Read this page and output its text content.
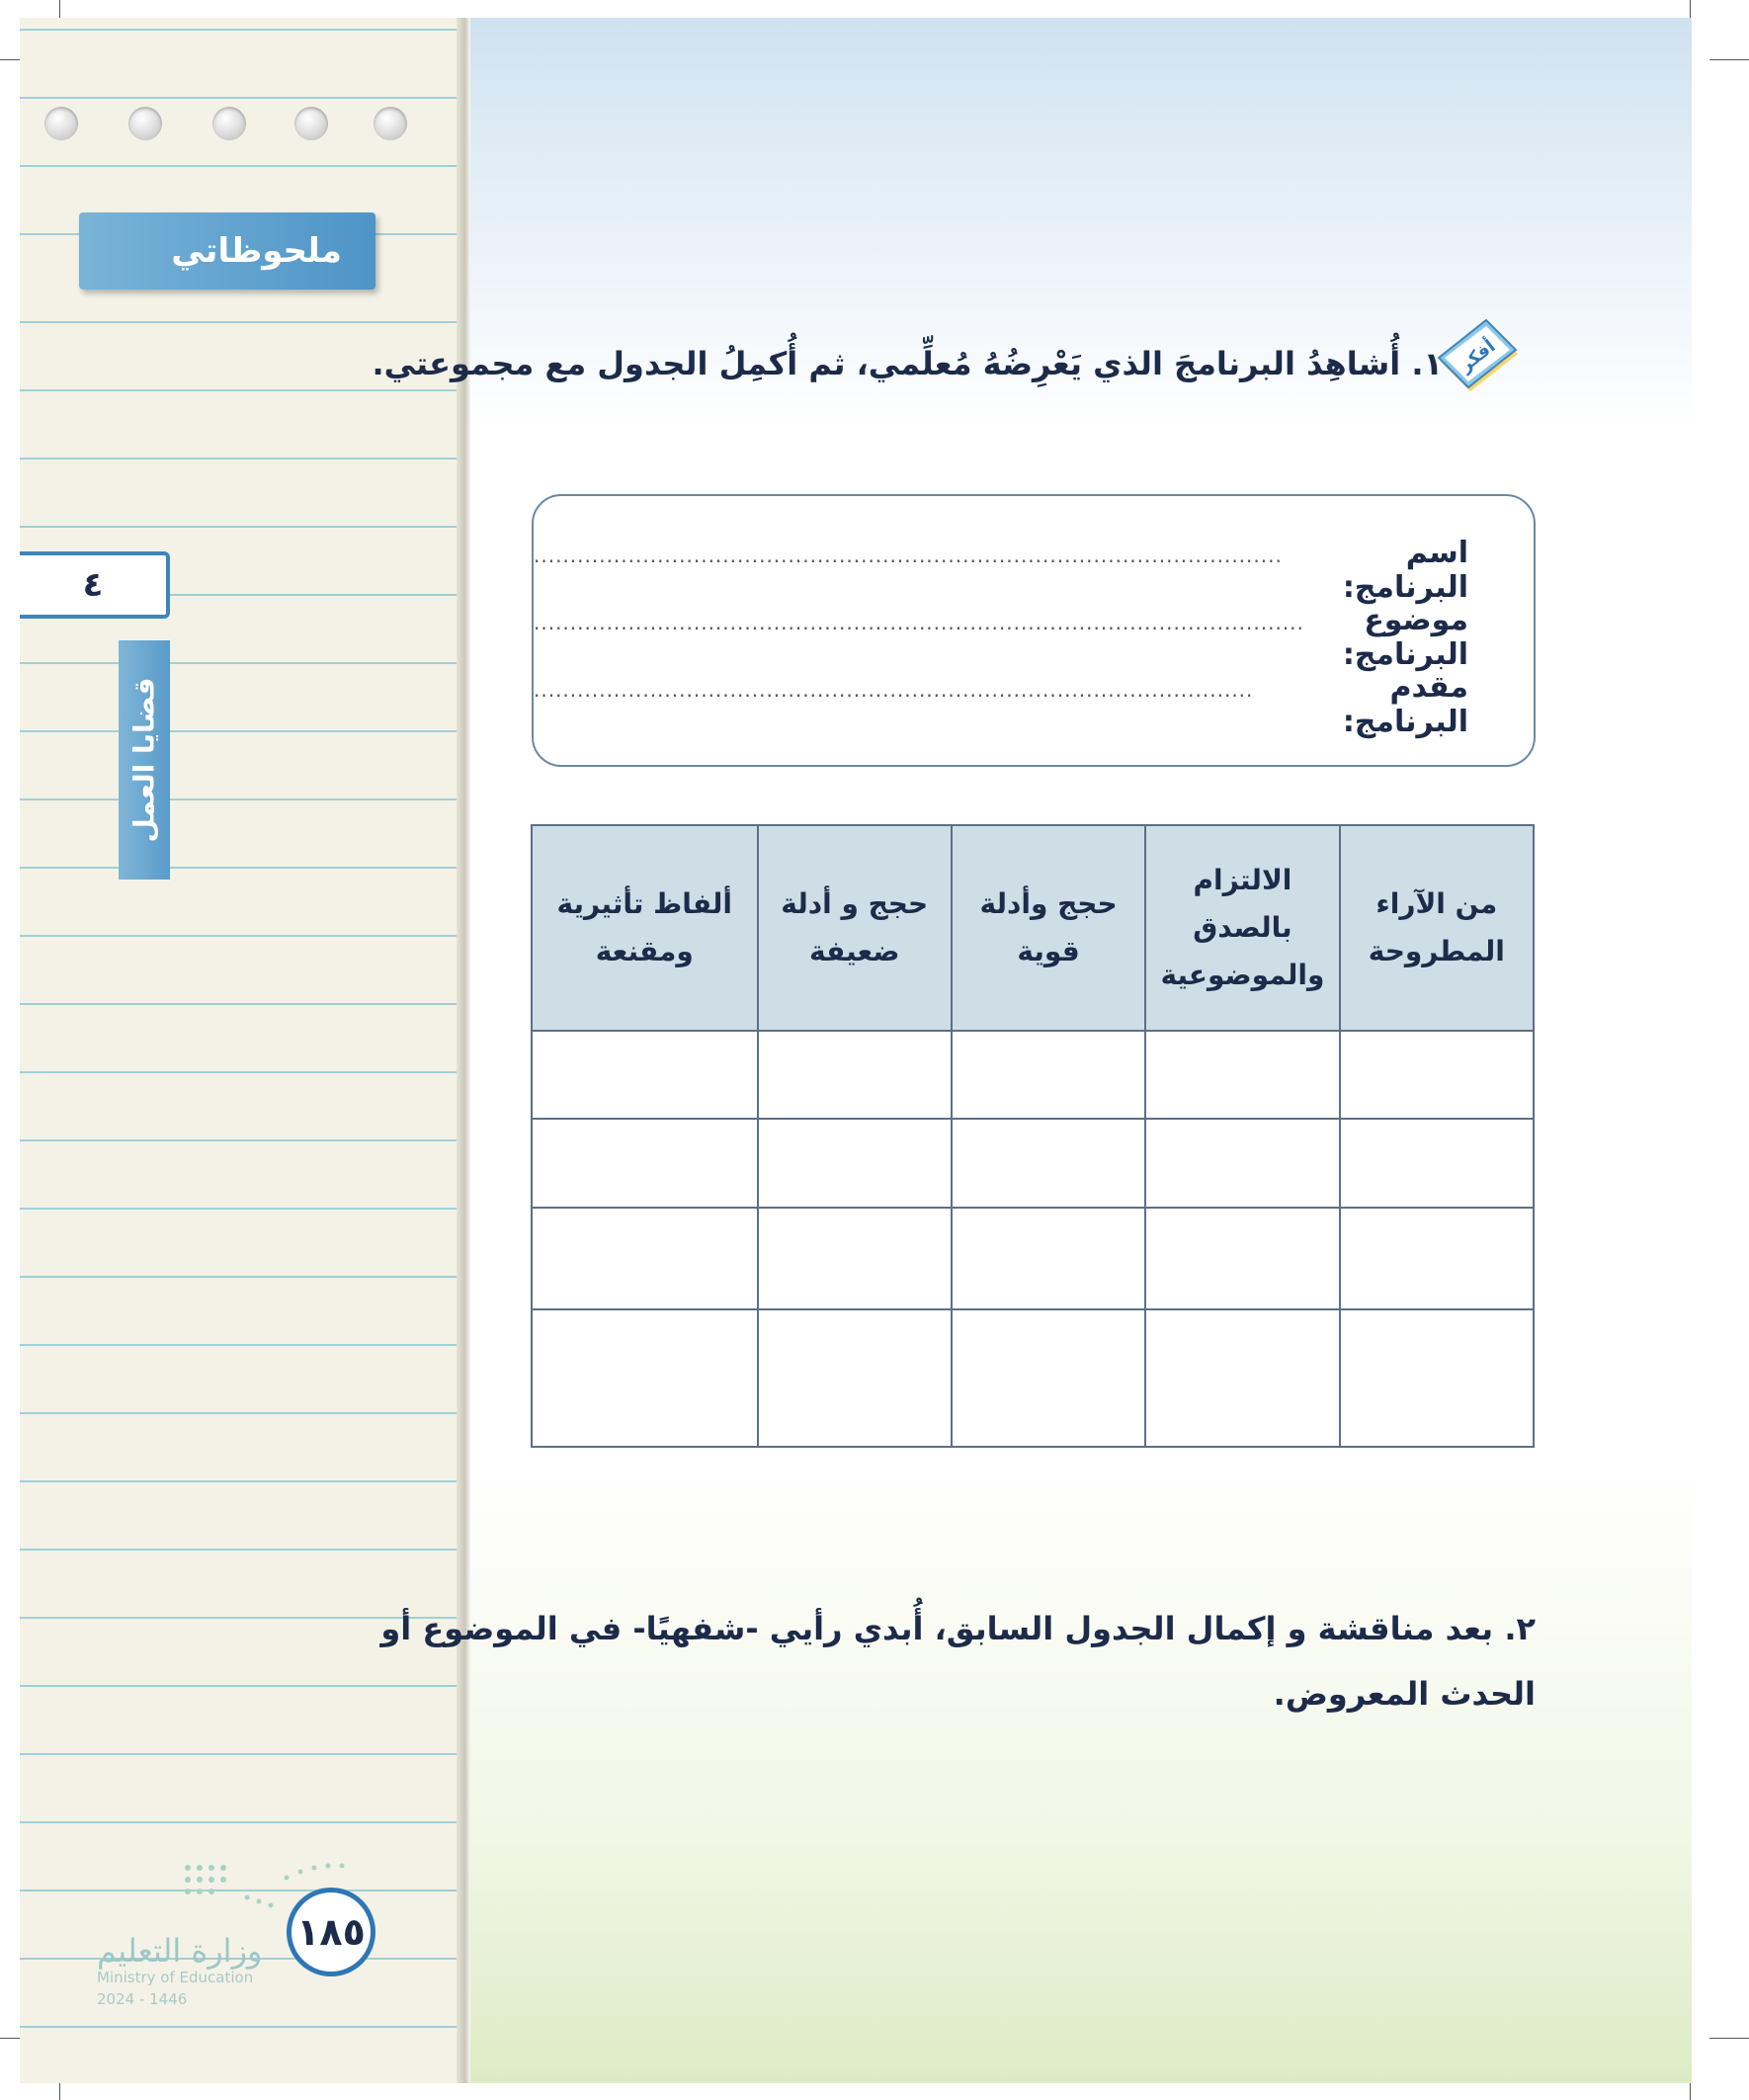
ملحوظاتي
٤
قضايا العمل
أفكر
١. أُشاهِدُ البرنامجَ الذي يَعْرِضُهُ مُعلِّمي، ثم أُكمِلُ الجدول مع مجموعتي.
اسم البرنامج:
.......................................................................................................
موضوع البرنامج:
..........................................................................................................
مقدم البرنامج:
...................................................................................................
من الآراء المطروحة	الالتزام بالصدق والموضوعية	حجج وأدلة قوية	حجج و أدلة ضعيفة	ألفاظ تأثيرية ومقنعة

٢. بعد مناقشة و إكمال الجدول السابق، أُبدي رأيي -شفهيًا- في الموضوع أو الحدث المعروض.
١٨٥
وزارة التعليم
Ministry of Education
2024 - 1446
